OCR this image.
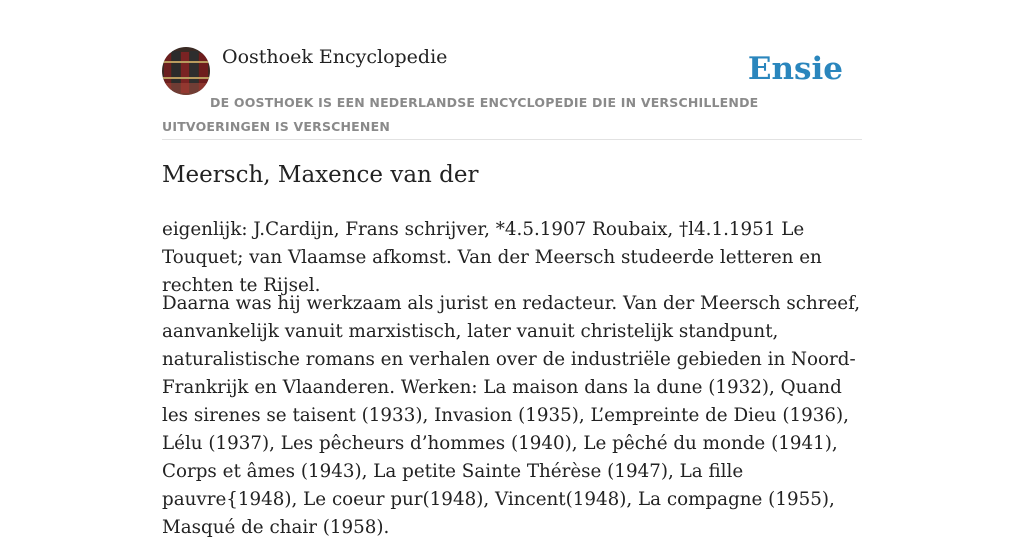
Oosthoek Encyclopedie	Ensie

DE OOSTHOEK IS EEN NEDERLANDSE ENCYCLOPEDIE DIE IN VERSCHILLENDE UITVOERINGEN IS VERSCHENEN

Meersch, Maxence van der

eigenlijk: J.Cardijn, Frans schrijver, *4.5.1907 Roubaix, †l4.1.1951 Le Touquet; van Vlaamse afkomst. Van der Meersch studeerde letteren en rechten te Rijsel.

Daarna was hij werkzaam als jurist en redacteur. Van der Meersch schreef, aanvankelijk vanuit marxistisch, later vanuit christelijk standpunt, naturalistische romans en verhalen over de industriële gebieden in Noord-Frankrijk en Vlaanderen. Werken: La maison dans la dune (1932), Quand les sirenes se taisent (1933), Invasion (1935), L’empreinte de Dieu (1936), Lélu (1937), Les pêcheurs d’hommes (1940), Le pêché du monde (1941), Corps et âmes (1943), La petite Sainte Thérèse (1947), La fille pauvre{1948), Le coeur pur(1948), Vincent(1948), La compagne (1955), Masqué de chair (1958).
